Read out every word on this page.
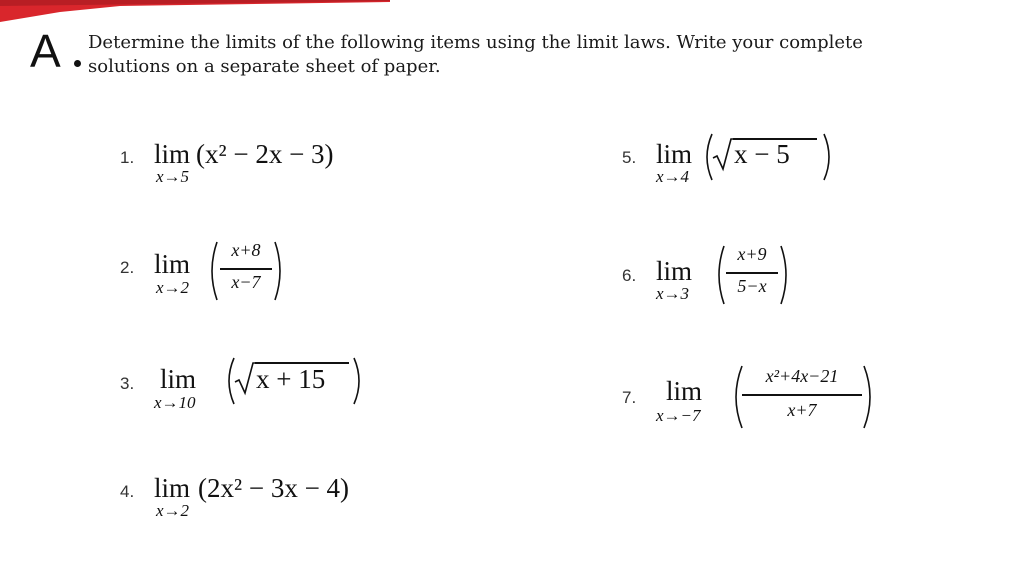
A Determine the limits of the following items using the limit laws. Write your complete
solutions on a separate sheet of paper.
1. lim
x→5
(x² − 2x − 3)
2. lim
x→2
x+8
x−7
3. lim
x→10
x + 15
4. lim
x→2
(2x² − 3x − 4)
5. lim
x→4
x − 5
6. lim
x→3
x+9
5−x
7. lim
x→−7
x²+4x−21
x+7
